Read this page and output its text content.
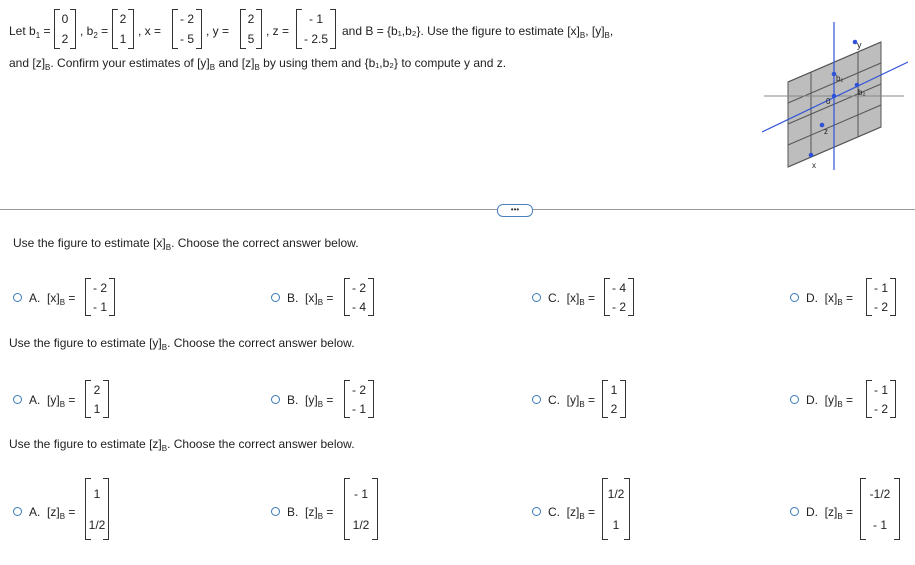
Let $b_1$ =
0
2
, $b_2$ =
2
1
, x =
- 2
- 5
, y =
2
5
, z =
- 1
- 2.5
and B = {b₁,b₂}. Use the figure to estimate $[x]_B$, $[y]_B$,
and $[z]_B$. Confirm your estimates of $[y]_B$ and $[z]_B$ by using them and {b₁,b₂} to compute y and z.
y
b₁
b₂
0
z
x
•••
Use the figure to estimate $[x]_B$. Choose the correct answer below.
A. $[x]_B$ =
- 2
- 1
B. $[x]_B$ =
- 2
- 4
C. $[x]_B$ =
- 4
- 2
D. $[x]_B$ =
- 1
- 2
Use the figure to estimate $[y]_B$. Choose the correct answer below.
A. $[y]_B$ =
2
1
B. $[y]_B$ =
- 2
- 1
C. $[y]_B$ =
1
2
D. $[y]_B$ =
- 1
- 2
Use the figure to estimate $[z]_B$. Choose the correct answer below.
A. $[z]_B$ =
1
1/2
B. $[z]_B$ =
- 1
1/2
C. $[z]_B$ =
1/2
1
D. $[z]_B$ =
-1/2
- 1
